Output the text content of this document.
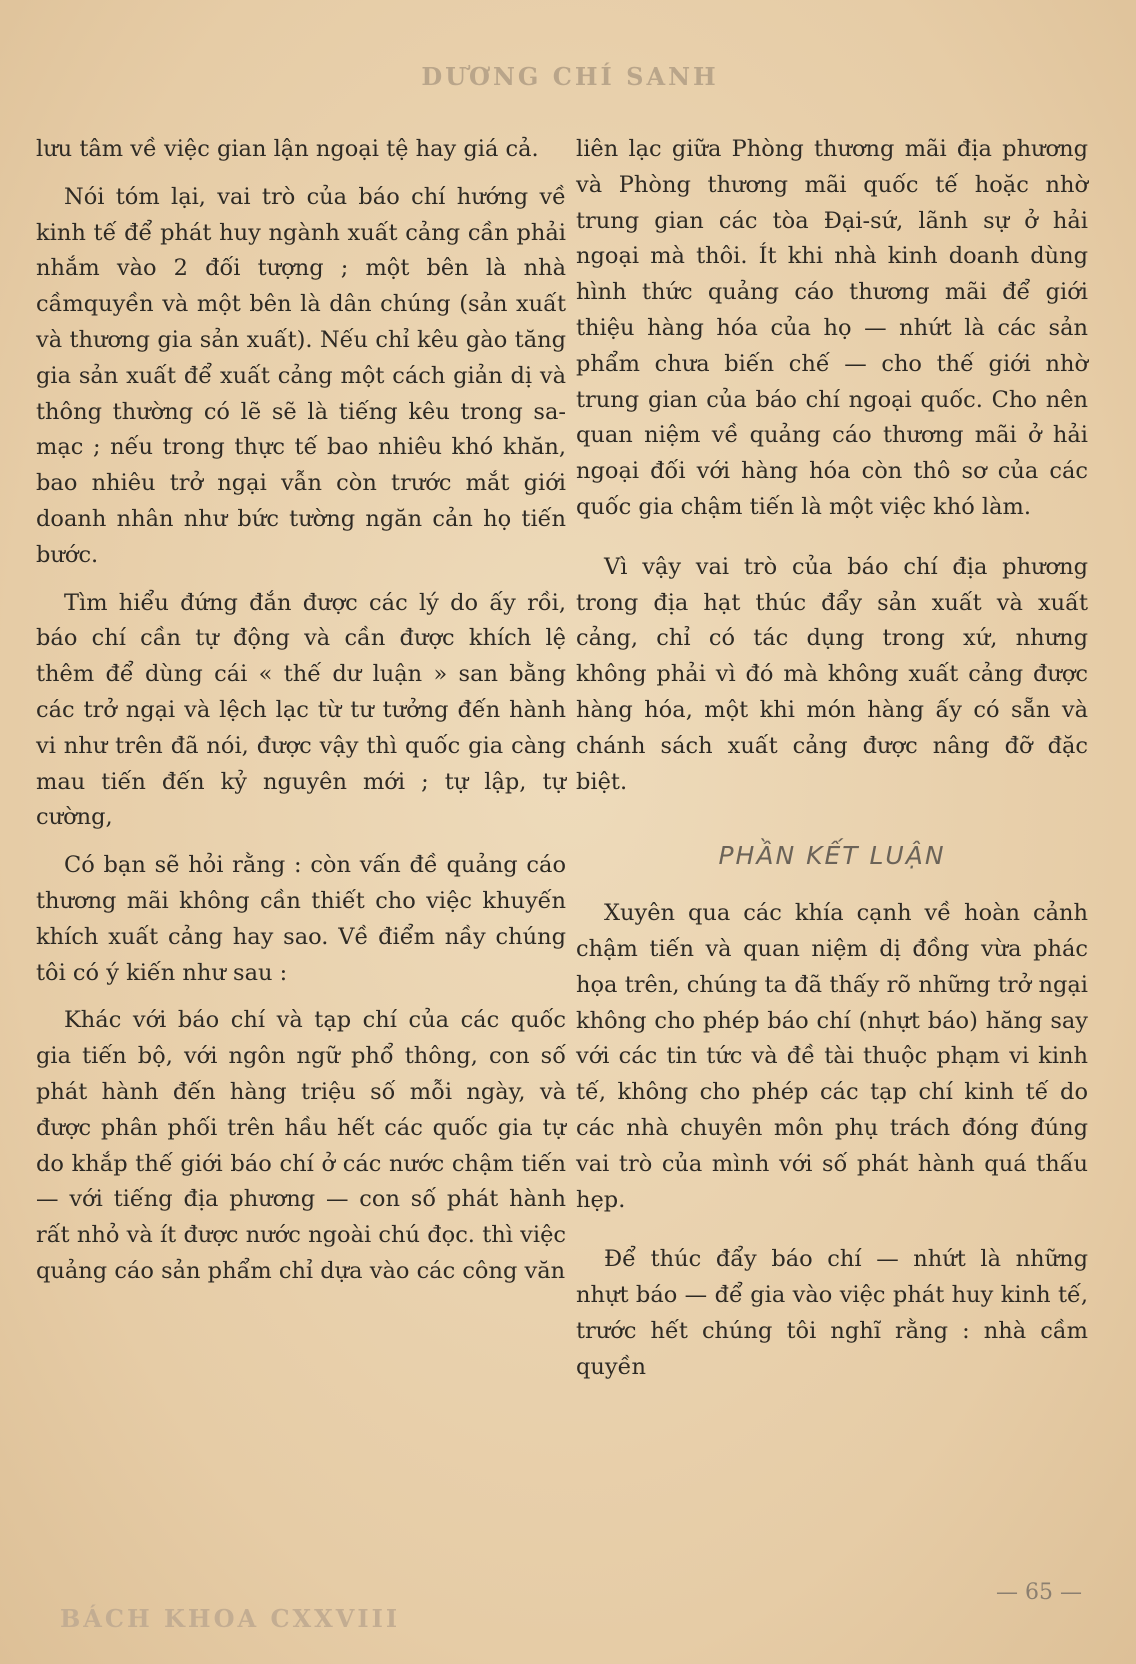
DƯƠNG CHÍ SANH

lưu tâm về việc gian lận ngoại tệ hay giá cả.

Nói tóm lại, vai trò của báo chí hướng về kinh tế để phát huy ngành xuất cảng cần phải nhắm vào 2 đối tượng ; một bên là nhà cầmquyền và một bên là dân chúng (sản xuất và thương gia sản xuất). Nếu chỉ kêu gào tăng gia sản xuất để xuất cảng một cách giản dị và thông thường có lẽ sẽ là tiếng kêu trong sa-mạc ; nếu trong thực tế bao nhiêu khó khăn, bao nhiêu trở ngại vẫn còn trước mắt giới doanh nhân như bức tường ngăn cản họ tiến bước.

Tìm hiểu đứng đắn được các lý do ấy rồi, báo chí cần tự động và cần được khích lệ thêm để dùng cái « thế dư luận » san bằng các trở ngại và lệch lạc từ tư tưởng đến hành vi như trên đã nói, được vậy thì quốc gia càng mau tiến đến kỷ nguyên mới ; tự lập, tự cường,

Có bạn sẽ hỏi rằng : còn vấn đề quảng cáo thương mãi không cần thiết cho việc khuyến khích xuất cảng hay sao. Về điểm nầy chúng tôi có ý kiến như sau :

Khác với báo chí và tạp chí của các quốc gia tiến bộ, với ngôn ngữ phổ thông, con số phát hành đến hàng triệu số mỗi ngày, và được phân phối trên hầu hết các quốc gia tự do khắp thế giới báo chí ở các nước chậm tiến — với tiếng địa phương — con số phát hành rất nhỏ và ít được nước ngoài chú đọc. thì việc quảng cáo sản phẩm chỉ dựa vào các công văn

liên lạc giữa Phòng thương mãi địa phương và Phòng thương mãi quốc tế hoặc nhờ trung gian các tòa Đại-sứ, lãnh sự ở hải ngoại mà thôi. Ít khi nhà kinh doanh dùng hình thức quảng cáo thương mãi để giới thiệu hàng hóa của họ — nhứt là các sản phẩm chưa biến chế — cho thế giới nhờ trung gian của báo chí ngoại quốc. Cho nên quan niệm về quảng cáo thương mãi ở hải ngoại đối với hàng hóa còn thô sơ của các quốc gia chậm tiến là một việc khó làm.

Vì vậy vai trò của báo chí địa phương trong địa hạt thúc đẩy sản xuất và xuất cảng, chỉ có tác dụng trong xứ, nhưng không phải vì đó mà không xuất cảng được hàng hóa, một khi món hàng ấy có sẵn và chánh sách xuất cảng được nâng đỡ đặc biệt.

PHẦN KẾT LUẬN

Xuyên qua các khía cạnh về hoàn cảnh chậm tiến và quan niệm dị đồng vừa phác họa trên, chúng ta đã thấy rõ những trở ngại không cho phép báo chí (nhựt báo) hăng say với các tin tức và đề tài thuộc phạm vi kinh tế, không cho phép các tạp chí kinh tế do các nhà chuyên môn phụ trách đóng đúng vai trò của mình với số phát hành quá thấu hẹp.

Để thúc đẩy báo chí — nhứt là những nhựt báo — để gia vào việc phát huy kinh tế, trước hết chúng tôi nghĩ rằng : nhà cầm quyền

BÁCH KHOA CXXVIII
— 65 —
